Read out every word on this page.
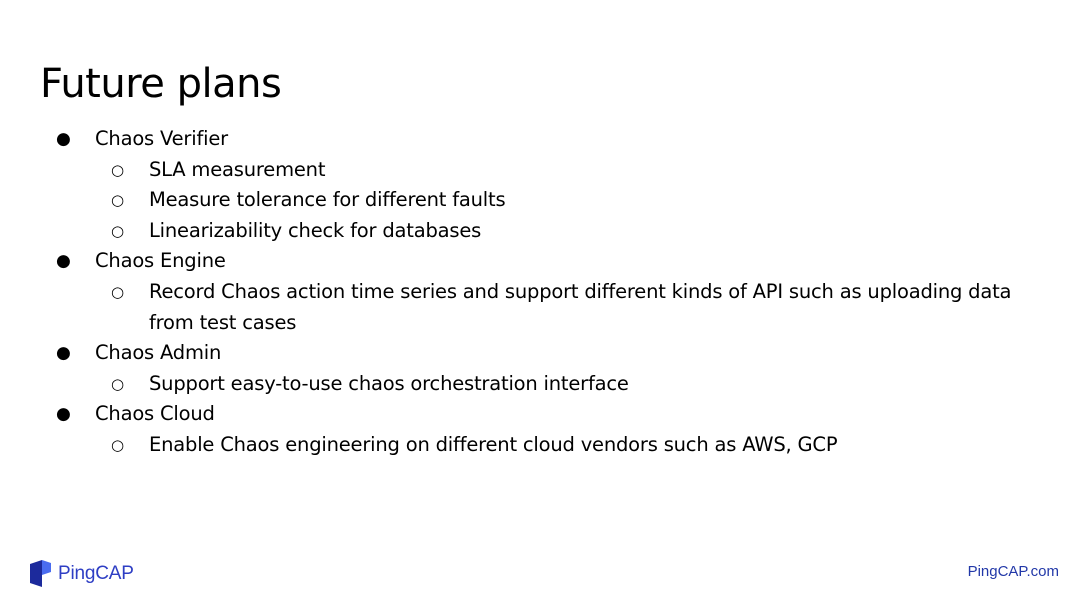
Future plans
● Chaos Verifier
○ SLA measurement
○ Measure tolerance for different faults
○ Linearizability check for databases
● Chaos Engine
○ Record Chaos action time series and support different kinds of API such as uploading data from test cases
● Chaos Admin
○ Support easy-to-use chaos orchestration interface
● Chaos Cloud
○ Enable Chaos engineering on different cloud vendors such as AWS, GCP
PingCAP	PingCAP.com
